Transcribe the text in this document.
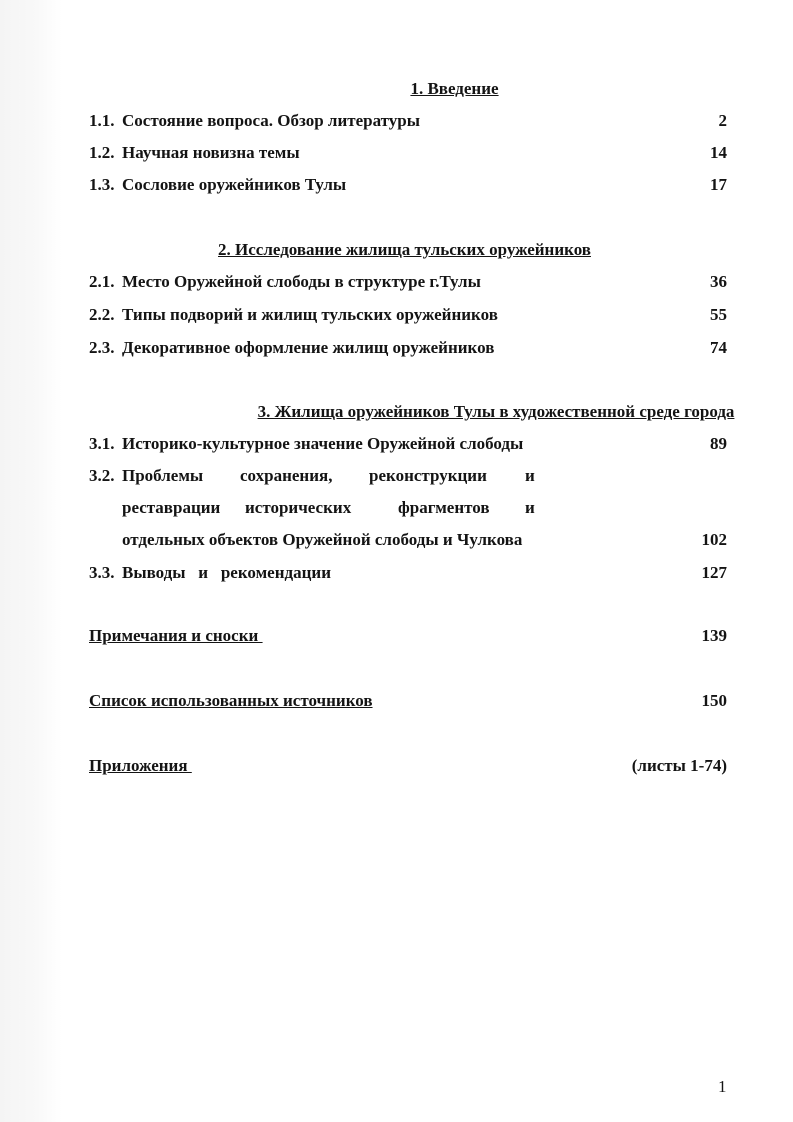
1. Введение
1.1. Состояние вопроса. Обзор литературы	2
1.2. Научная новизна темы	14
1.3. Сословие оружейников Тулы	17
2. Исследование жилища тульских оружейников
2.1. Место Оружейной слободы в структуре г.Тулы	36
2.2. Типы подворий и жилищ тульских оружейников	55
2.3. Декоративное оформление жилищ оружейников	74
3. Жилища оружейников Тулы в художественной среде города
3.1. Историко-культурное значение Оружейной слободы	89
3.2. Проблемы сохранения, реконструкции и
реставрации исторических	фрагментов и
отдельных объектов Оружейной слободы и Чулкова	102
3.3. Выводы   и   рекомендации	127
Примечания и сноски	139
Список использованных источников	150
Приложения	(листы 1-74)
1
